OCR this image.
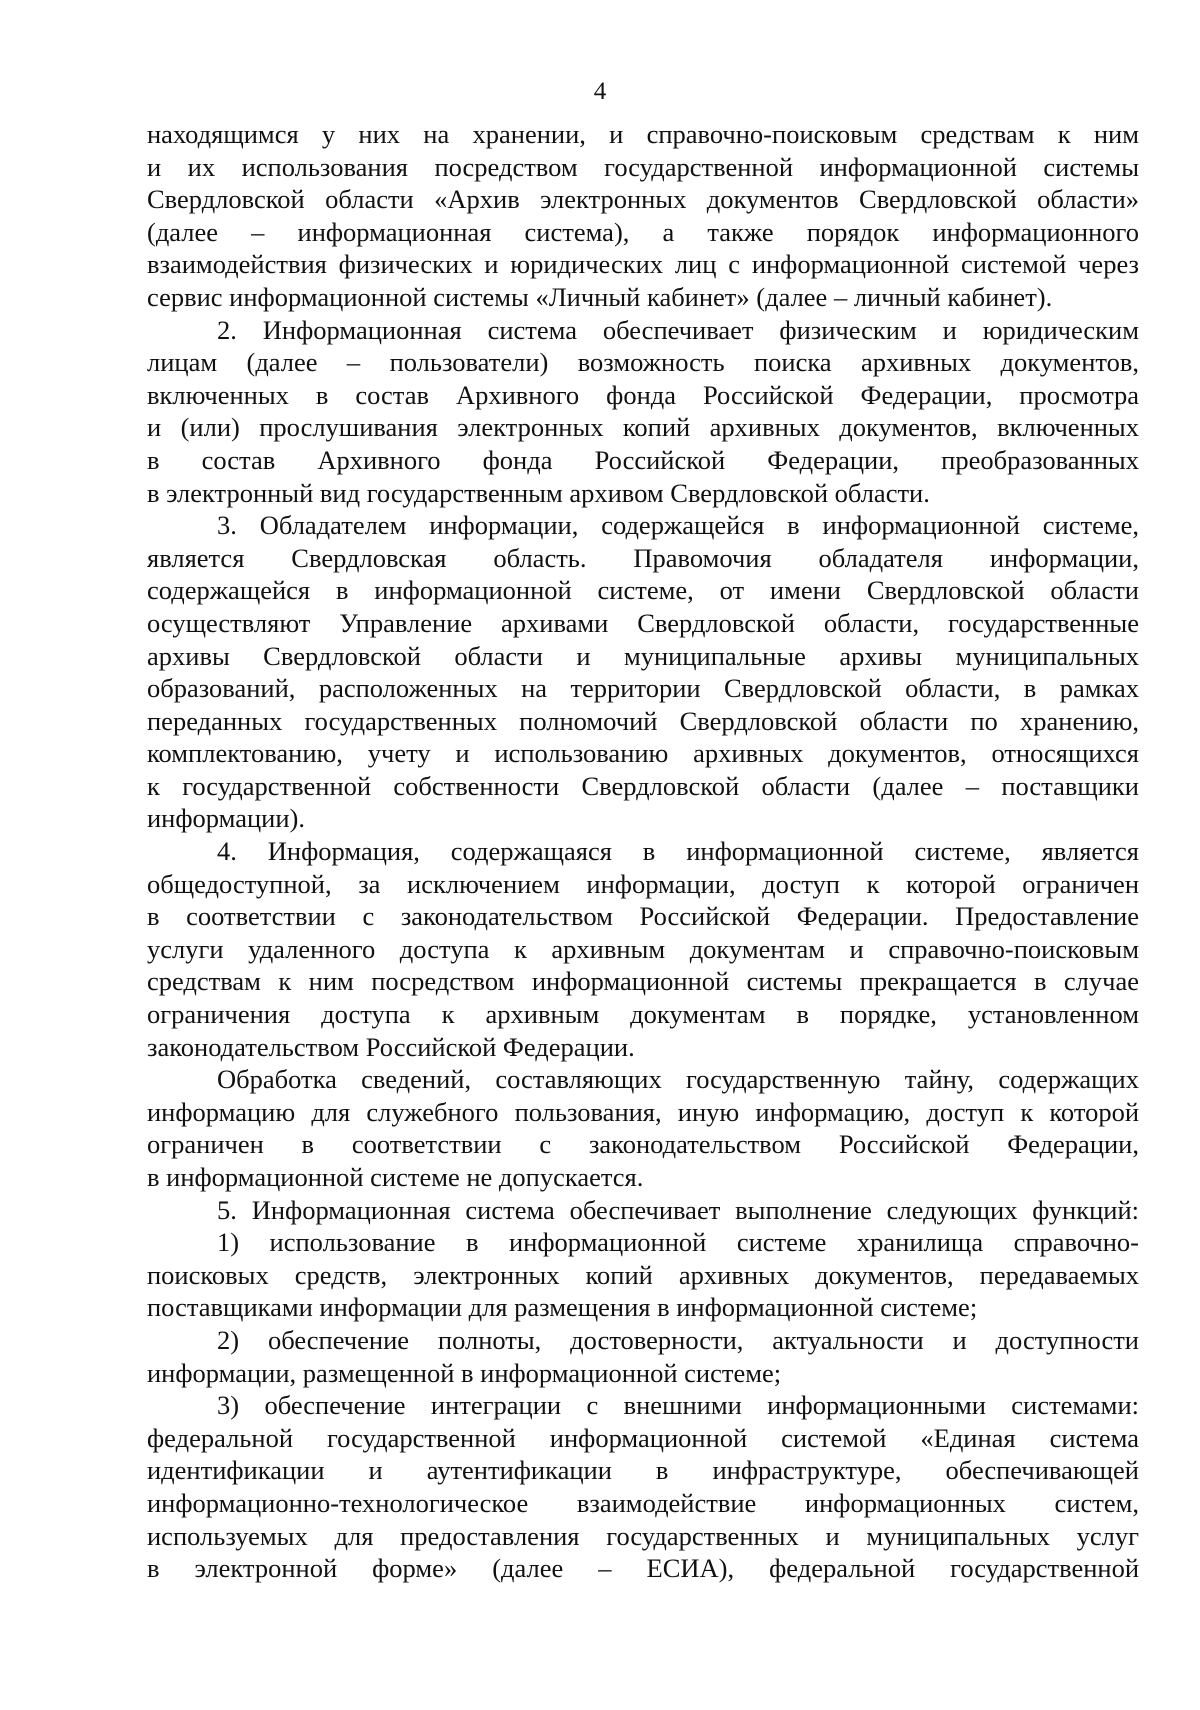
4
находящимся у них на хранении, и справочно-поисковым средствам к ним
и их использования посредством государственной информационной системы
Свердловской области «Архив электронных документов Свердловской области»
(далее – информационная система), а также порядок информационного
взаимодействия физических и юридических лиц с информационной системой через
сервис информационной системы «Личный кабинет» (далее – личный кабинет).
2. Информационная система обеспечивает физическим и юридическим
лицам (далее – пользователи) возможность поиска архивных документов,
включенных в состав Архивного фонда Российской Федерации, просмотра
и (или) прослушивания электронных копий архивных документов, включенных
в состав Архивного фонда Российской Федерации, преобразованных
в электронный вид государственным архивом Свердловской области.
3. Обладателем информации, содержащейся в информационной системе,
является Свердловская область. Правомочия обладателя информации,
содержащейся в информационной системе, от имени Свердловской области
осуществляют Управление архивами Свердловской области, государственные
архивы Свердловской области и муниципальные архивы муниципальных
образований, расположенных на территории Свердловской области, в рамках
переданных государственных полномочий Свердловской области по хранению,
комплектованию, учету и использованию архивных документов, относящихся
к государственной собственности Свердловской области (далее – поставщики
информации).
4. Информация, содержащаяся в информационной системе, является
общедоступной, за исключением информации, доступ к которой ограничен
в соответствии с законодательством Российской Федерации. Предоставление
услуги удаленного доступа к архивным документам и справочно-поисковым
средствам к ним посредством информационной системы прекращается в случае
ограничения доступа к архивным документам в порядке, установленном
законодательством Российской Федерации.
Обработка сведений, составляющих государственную тайну, содержащих
информацию для служебного пользования, иную информацию, доступ к которой
ограничен в соответствии с законодательством Российской Федерации,
в информационной системе не допускается.
5. Информационная система обеспечивает выполнение следующих функций:
1) использование в информационной системе хранилища справочно-
поисковых средств, электронных копий архивных документов, передаваемых
поставщиками информации для размещения в информационной системе;
2) обеспечение полноты, достоверности, актуальности и доступности
информации, размещенной в информационной системе;
3) обеспечение интеграции с внешними информационными системами:
федеральной государственной информационной системой «Единая система
идентификации и аутентификации в инфраструктуре, обеспечивающей
информационно-технологическое взаимодействие информационных систем,
используемых для предоставления государственных и муниципальных услуг
в электронной форме» (далее – ЕСИА), федеральной государственной
